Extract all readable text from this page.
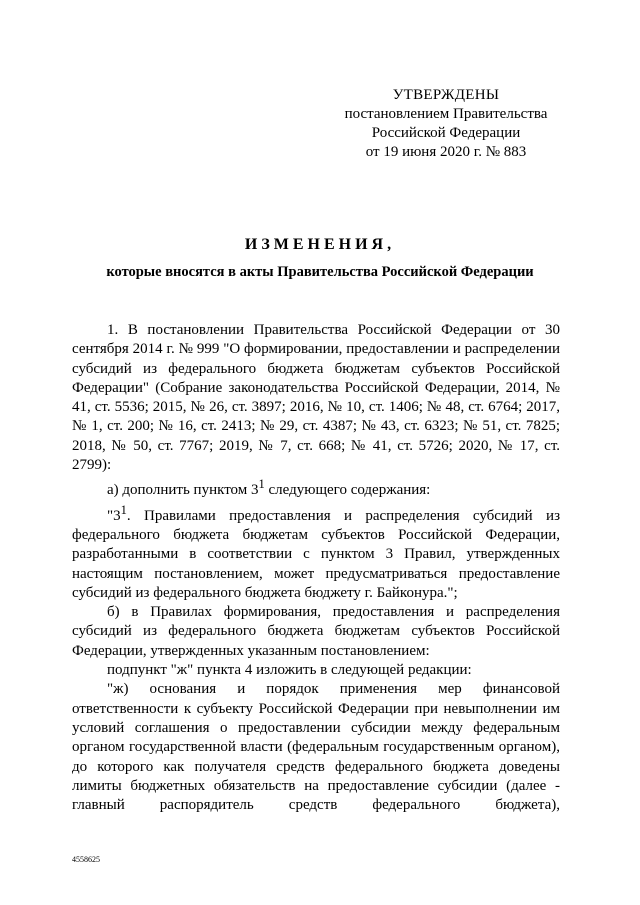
УТВЕРЖДЕНЫ
постановлением Правительства
Российской Федерации
от 19 июня 2020 г. № 883
ИЗМЕНЕНИЯ,
которые вносятся в акты Правительства Российской Федерации

1. В постановлении Правительства Российской Федерации от 30 сентября 2014 г. № 999 "О формировании, предоставлении и распределении субсидий из федерального бюджета бюджетам субъектов Российской Федерации" (Собрание законодательства Российской Федерации, 2014, № 41, ст. 5536; 2015, № 26, ст. 3897; 2016, № 10, ст. 1406; № 48, ст. 6764; 2017, № 1, ст. 200; № 16, ст. 2413; № 29, ст. 4387; № 43, ст. 6323; № 51, ст. 7825; 2018, № 50, ст. 7767; 2019, № 7, ст. 668; № 41, ст. 5726; 2020, № 17, ст. 2799):

а) дополнить пунктом $3^1$ следующего содержания:

"$3^1$. Правилами предоставления и распределения субсидий из федерального бюджета бюджетам субъектов Российской Федерации, разработанными в соответствии с пунктом 3 Правил, утвержденных настоящим постановлением, может предусматриваться предоставление субсидий из федерального бюджета бюджету г. Байконура.";

б) в Правилах формирования, предоставления и распределения субсидий из федерального бюджета бюджетам субъектов Российской Федерации, утвержденных указанным постановлением:

подпункт "ж" пункта 4 изложить в следующей редакции:

"ж) основания и порядок применения мер финансовой ответственности к субъекту Российской Федерации при невыполнении им условий соглашения о предоставлении субсидии между федеральным органом государственной власти (федеральным государственным органом), до которого как получателя средств федерального бюджета доведены лимиты бюджетных обязательств на предоставление субсидии (далее - главный распорядитель средств федерального бюджета),

4558625
